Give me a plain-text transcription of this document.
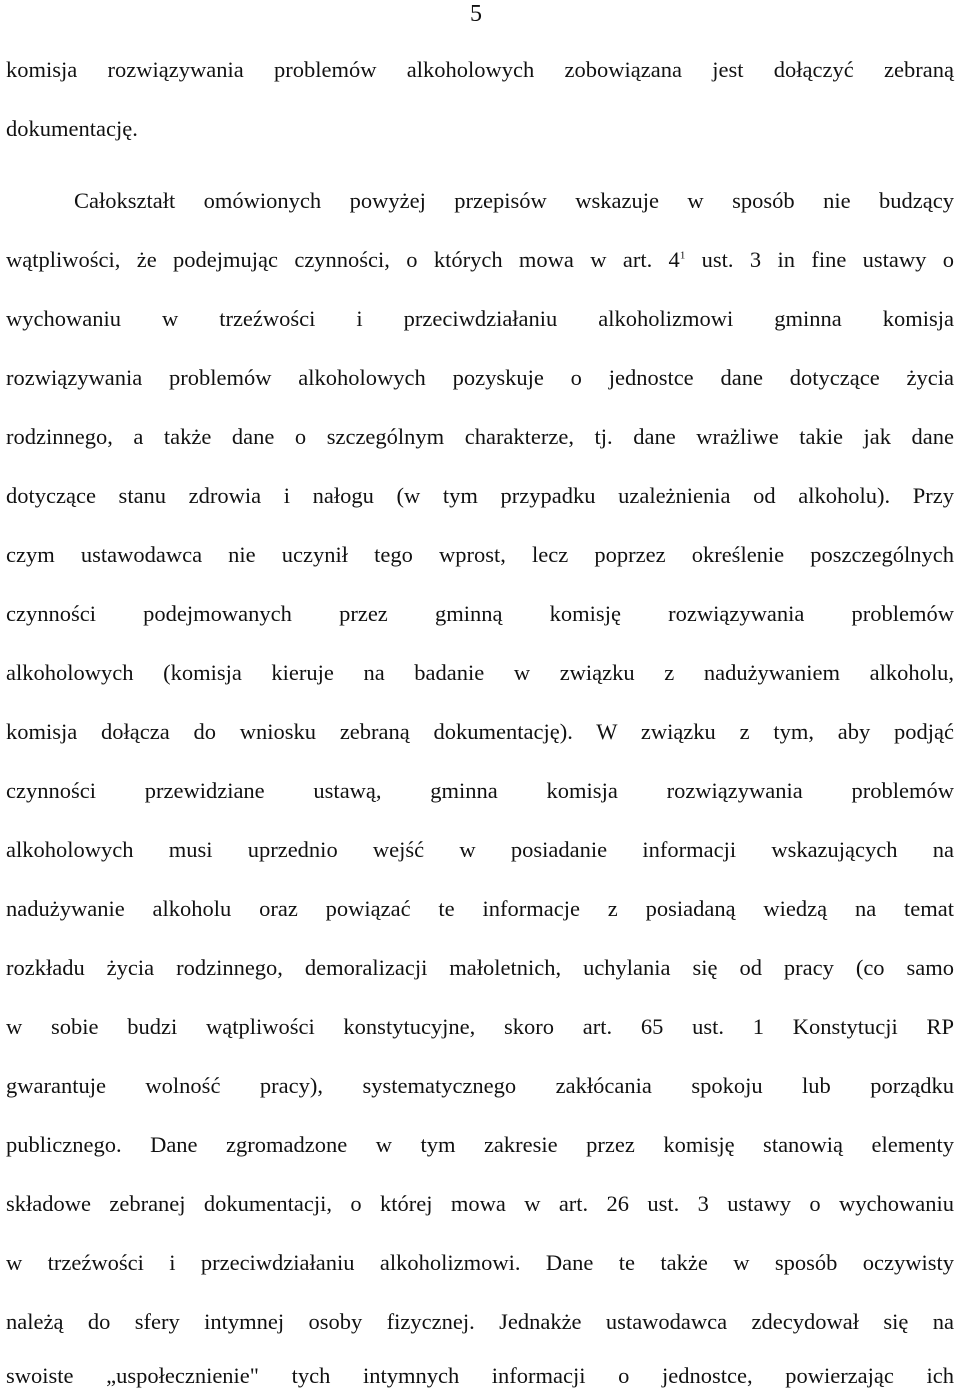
5
komisja rozwiązywania problemów alkoholowych zobowiązana jest dołączyć zebraną
dokumentację.
Całokształt omówionych powyżej przepisów wskazuje w sposób nie budzący
wątpliwości, że podejmując czynności, o których mowa w art. $4^1$ ust. 3 in fine ustawy o
wychowaniu w trzeźwości i przeciwdziałaniu alkoholizmowi gminna komisja
rozwiązywania problemów alkoholowych pozyskuje o jednostce dane dotyczące życia
rodzinnego, a także dane o szczególnym charakterze, tj. dane wrażliwe takie jak dane
dotyczące stanu zdrowia i nałogu (w tym przypadku uzależnienia od alkoholu). Przy
czym ustawodawca nie uczynił tego wprost, lecz poprzez określenie poszczególnych
czynności podejmowanych przez gminną komisję rozwiązywania problemów
alkoholowych (komisja kieruje na badanie w związku z nadużywaniem alkoholu,
komisja dołącza do wniosku zebraną dokumentację). W związku z tym, aby podjąć
czynności przewidziane ustawą, gminna komisja rozwiązywania problemów
alkoholowych musi uprzednio wejść w posiadanie informacji wskazujących na
nadużywanie alkoholu oraz powiązać te informacje z posiadaną wiedzą na temat
rozkładu życia rodzinnego, demoralizacji małoletnich, uchylania się od pracy (co samo
w sobie budzi wątpliwości konstytucyjne, skoro art. 65 ust. 1 Konstytucji RP
gwarantuje wolność pracy), systematycznego zakłócania spokoju lub porządku
publicznego. Dane zgromadzone w tym zakresie przez komisję stanowią elementy
składowe zebranej dokumentacji, o której mowa w art. 26 ust. 3 ustawy o wychowaniu
w trzeźwości i przeciwdziałaniu alkoholizmowi. Dane te także w sposób oczywisty
należą do sfery intymnej osoby fizycznej. Jednakże ustawodawca zdecydował się na
swoiste „uspołecznienie" tych intymnych informacji o jednostce, powierzając ich
